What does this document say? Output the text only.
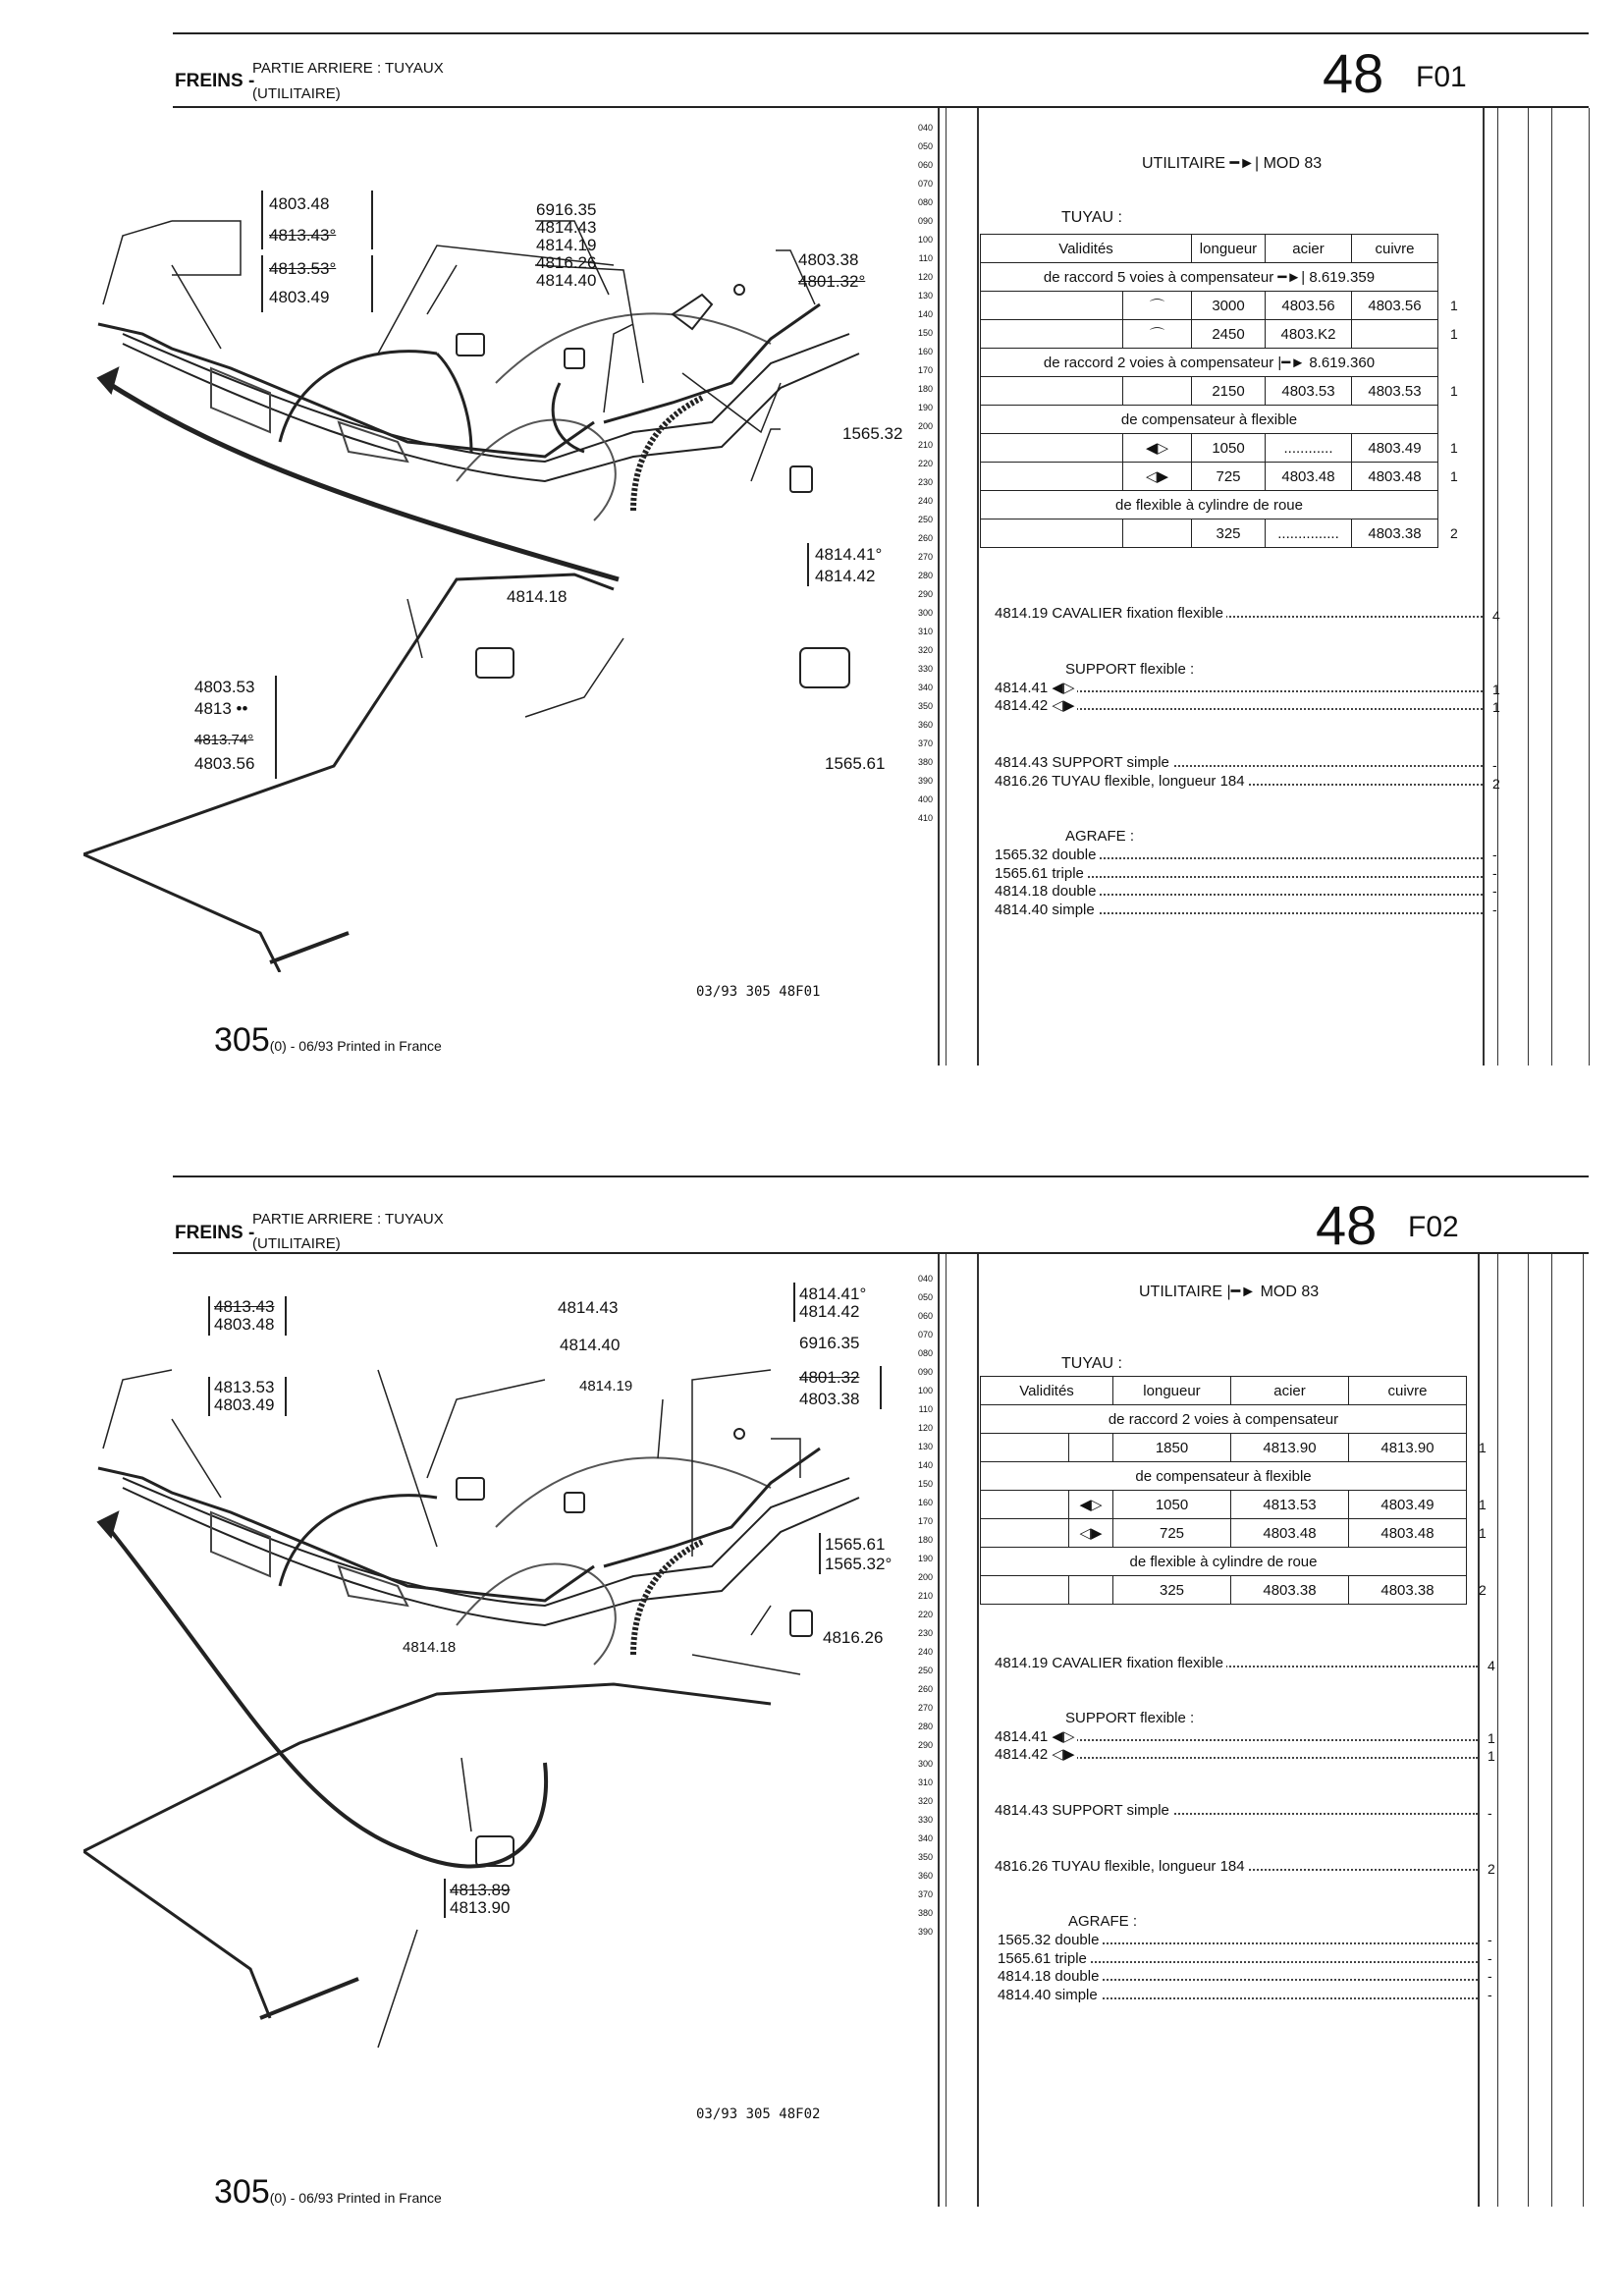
FREINS -
PARTIE ARRIERE : TUYAUX
(UTILITAIRE)	48 F01
040
050
060
070
080
090
100
110
120
130
140
150
160
170
180
190
200
210
220
230
240
250
260
270
280
290
300
310
320
330
340
350
360
370
380
390
400
410
UTILITAIRE ━►| MOD 83
TUYAU :
Validités		longueur	acier	cuivre	
de raccord 5 voies à compensateur ━►| 8.619.359					
	⌒	3000	4803.56	4803.56	1
	⌒	2450	4803.K2		1
de raccord 2 voies à compensateur |━► 8.619.360					
		2150	4803.53	4803.53	1
de compensateur à flexible					
	◀▷	1050	............	4803.49	1
	◁▶	725	4803.48	4803.48	1
de flexible à cylindre de roue					
		325	...............	4803.38	2
4814.19 CAVALIER fixation flexible	4
SUPPORT flexible :
4814.41 ◀▷	1
4814.42 ◁▶	1
4814.43 SUPPORT simple	-
4816.26 TUYAU flexible, longueur 184	2
AGRAFE :
1565.32 double	-
1565.61 triple	-
4814.18 double	-
4814.40 simple	-
4803.48
4813.43°
4813.53°
4803.49
6916.35
4814.43
4814.19
4816.26
4814.40
4803.38
4801.32°
1565.32
4814.41°
4814.42
4814.18
4803.53
4813 ••
4813.74°
4803.56	1565.61
03/93 305 48F01
305(0) - 06/93 Printed in France
FREINS -
PARTIE ARRIERE : TUYAUX
(UTILITAIRE)	48 F02
040
050
060
070
080
090
100
110
120
130
140
150
160
170
180
190
200
210
220
230
240
250
260
270
280
290
300
310
320
330
340
350
360
370
380
390
UTILITAIRE |━► MOD 83
TUYAU :
Validités		longueur	acier	cuivre	
de raccord 2 voies à compensateur					
		1850	4813.90	4813.90	1
de compensateur à flexible					
	◀▷	1050	4813.53	4803.49	1
	◁▶	725	4803.48	4803.48	1
de flexible à cylindre de roue					
		325	4803.38	4803.38	2
4814.19 CAVALIER fixation flexible	4
SUPPORT flexible :
4814.41 ◀▷	1
4814.42 ◁▶	1
4814.43 SUPPORT simple	-
4816.26 TUYAU flexible, longueur 184	2
AGRAFE :
1565.32 double	-
1565.61 triple	-
4814.18 double	-
4814.40 simple	-
4813.43
4803.48
4813.53
4803.49
4814.43
4814.40
4814.19
4814.41°
4814.42
6916.35
4801.32
4803.38
1565.61
1565.32°
4816.26
4814.18
4813.89
4813.90
03/93 305 48F02
305(0) - 06/93 Printed in France
